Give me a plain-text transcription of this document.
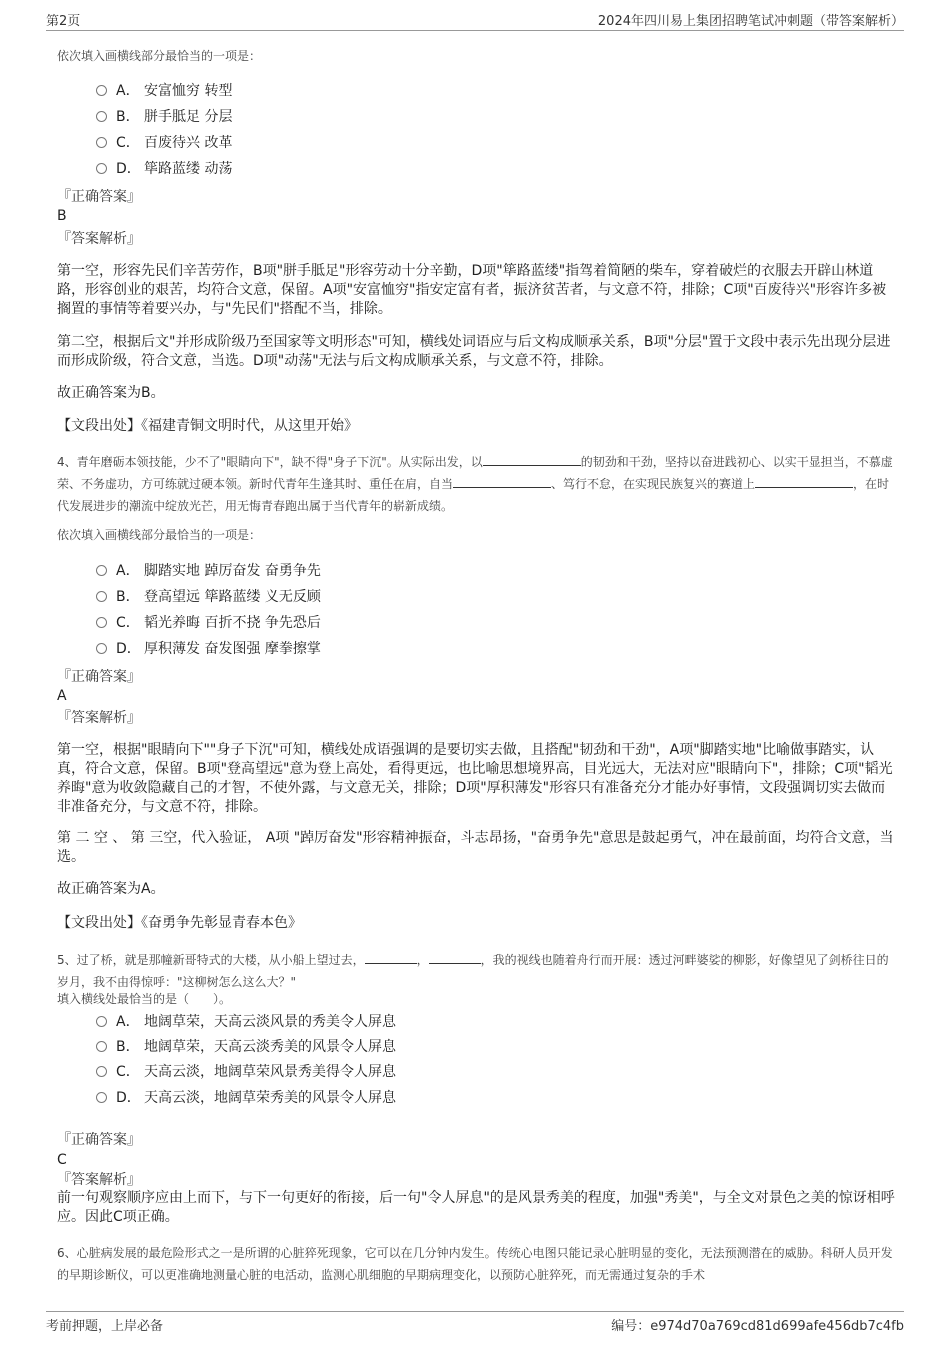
第2页	2024年四川易上集团招聘笔试冲刺题（带答案解析）
依次填入画横线部分最恰当的一项是：
A． 安富恤穷 转型
B． 胼手胝足 分层
C． 百废待兴 改革
D． 筚路蓝缕 动荡
『正确答案』
B
『答案解析』
第一空，形容先民们辛苦劳作，B项"胼手胝足"形容劳动十分辛勤，D项"筚路蓝缕"指驾着简陋的柴车，穿着破烂的衣服去开辟山林道路，形容创业的艰苦，均符合文意，保留。A项"安富恤穷"指安定富有者，振济贫苦者，与文意不符，排除；C项"百废待兴"形容许多被搁置的事情等着要兴办，与"先民们"搭配不当，排除。
第二空，根据后文"并形成阶级乃至国家等文明形态"可知，横线处词语应与后文构成顺承关系，B项"分层"置于文段中表示先出现分层进而形成阶级，符合文意，当选。D项"动荡"无法与后文构成顺承关系，与文意不符，排除。
故正确答案为B。
【文段出处】《福建青铜文明时代，从这里开始》
4、青年磨砺本领技能，少不了"眼睛向下"，缺不得"身子下沉"。从实际出发，以	的韧劲和干劲，坚持以奋进践初心、以实干显担当，不慕虚荣、不务虚功，方可练就过硬本领。新时代青年生逢其时、重任在肩，自当	、笃行不怠，在实现民族复兴的赛道上	，在时代发展进步的潮流中绽放光芒，用无悔青春跑出属于当代青年的崭新成绩。
依次填入画横线部分最恰当的一项是：
A． 脚踏实地 踔厉奋发 奋勇争先
B． 登高望远 筚路蓝缕 义无反顾
C． 韬光养晦 百折不挠 争先恐后
D． 厚积薄发 奋发图强 摩拳擦掌
『正确答案』
A
『答案解析』
第一空，根据"眼睛向下""身子下沉"可知，横线处成语强调的是要切实去做，且搭配"韧劲和干劲"，A项"脚踏实地"比喻做事踏实，认真，符合文意，保留。B项"登高望远"意为登上高处，看得更远，也比喻思想境界高，目光远大，无法对应"眼睛向下"，排除；C项"韬光养晦"意为收敛隐藏自己的才智，不使外露，与文意无关，排除；D项"厚积薄发"形容只有准备充分才能办好事情，文段强调切实去做而非准备充分，与文意不符，排除。
第 二 空 、 第 三空，代入验证， A项 "踔厉奋发"形容精神振奋，斗志昂扬，"奋勇争先"意思是鼓起勇气，冲在最前面，均符合文意，当选。
故正确答案为A。
【文段出处】《奋勇争先彰显青春本色》
5、过了桥，就是那幢新哥特式的大楼，从小船上望过去，	，	，我的视线也随着舟行而开展：透过河畔婆娑的柳影，好像望见了剑桥往日的岁月，我不由得惊呼："这柳树怎么这么大？"
填入横线处最恰当的是（　　）。
A． 地阔草荣，天高云淡风景的秀美令人屏息
B． 地阔草荣，天高云淡秀美的风景令人屏息
C． 天高云淡，地阔草荣风景秀美得令人屏息
D． 天高云淡，地阔草荣秀美的风景令人屏息
『正确答案』
C
『答案解析』
前一句观察顺序应由上而下，与下一句更好的衔接，后一句"令人屏息"的是风景秀美的程度，加强"秀美"，与全文对景色之美的惊讶相呼应。因此C项正确。
6、心脏病发展的最危险形式之一是所谓的心脏猝死现象，它可以在几分钟内发生。传统心电图只能记录心脏明显的变化，无法预测潜在的威胁。科研人员开发的早期诊断仪，可以更准确地测量心脏的电活动，监测心肌细胞的早期病理变化，以预防心脏猝死，而无需通过复杂的手术
考前押题，上岸必备	编号：e974d70a769cd81d699afe456db7c4fb
